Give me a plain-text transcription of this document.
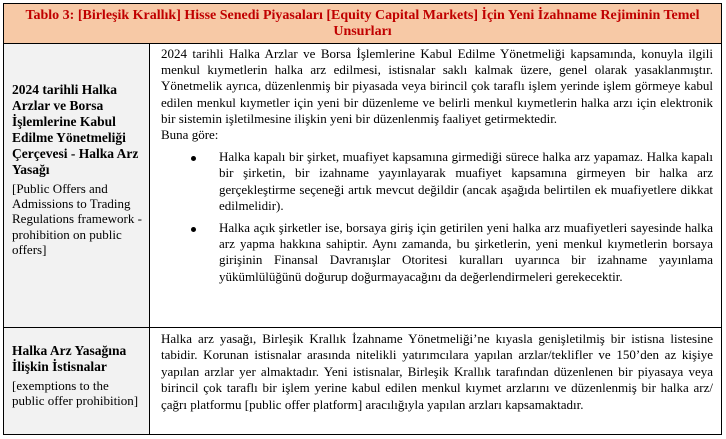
Tablo 3: [Birleşik Krallık] Hisse Senedi Piyasaları [Equity Capital Markets] İçin Yeni İzahname Rejiminin Temel Unsurları

2024 tarihli Halka Arzlar ve Borsa İşlemlerine Kabul Edilme Yönetmeliği Çerçevesi - Halka Arz Yasağı

[Public Offers and Admissions to Trading Regulations framework - prohibition on public offers]

2024 tarihli Halka Arzlar ve Borsa İşlemlerine Kabul Edilme Yönetmeliği kapsamında, konuyla ilgili menkul kıymetlerin halka arz edilmesi, istisnalar saklı kalmak üzere, genel olarak yasaklanmıştır. Yönetmelik ayrıca, düzenlenmiş bir piyasada veya birincil çok taraflı işlem yerinde işlem görmeye kabul edilen menkul kıymetler için yeni bir düzenleme ve belirli menkul kıymetlerin halka arzı için elektronik bir sistemin işletilmesine ilişkin yeni bir düzenlenmiş faaliyet getirmektedir.

Buna göre:

Halka kapalı bir şirket, muafiyet kapsamına girmediği sürece halka arz yapamaz. Halka kapalı bir şirketin, bir izahname yayınlayarak muafiyet kapsamına girmeyen bir halka arz gerçekleştirme seçeneği artık mevcut değildir (ancak aşağıda belirtilen ek muafiyetlere dikkat edilmelidir).
Halka açık şirketler ise, borsaya giriş için getirilen yeni halka arz muafiyetleri sayesinde halka arz yapma hakkına sahiptir. Aynı zamanda, bu şirketlerin, yeni menkul kıymetlerin borsaya girişinin Finansal Davranışlar Otoritesi kuralları uyarınca bir izahname yayınlama yükümlülüğünü doğurup doğurmayacağını da değerlendirmeleri gerekecektir.

Halka Arz Yasağına İlişkin İstisnalar

[exemptions to the public offer prohibition]

Halka arz yasağı, Birleşik Krallık İzahname Yönetmeliği’ne kıyasla genişletilmiş bir istisna listesine tabidir. Korunan istisnalar arasında nitelikli yatırımcılara yapılan arzlar/teklifler ve 150’den az kişiye yapılan arzlar yer almaktadır. Yeni istisnalar, Birleşik Krallık tarafından düzenlenen bir piyasaya veya birincil çok taraflı bir işlem yerine kabul edilen menkul kıymet arzlarını ve düzenlenmiş bir halka arz/çağrı platformu [public offer platform] aracılığıyla yapılan arzları kapsamaktadır.
